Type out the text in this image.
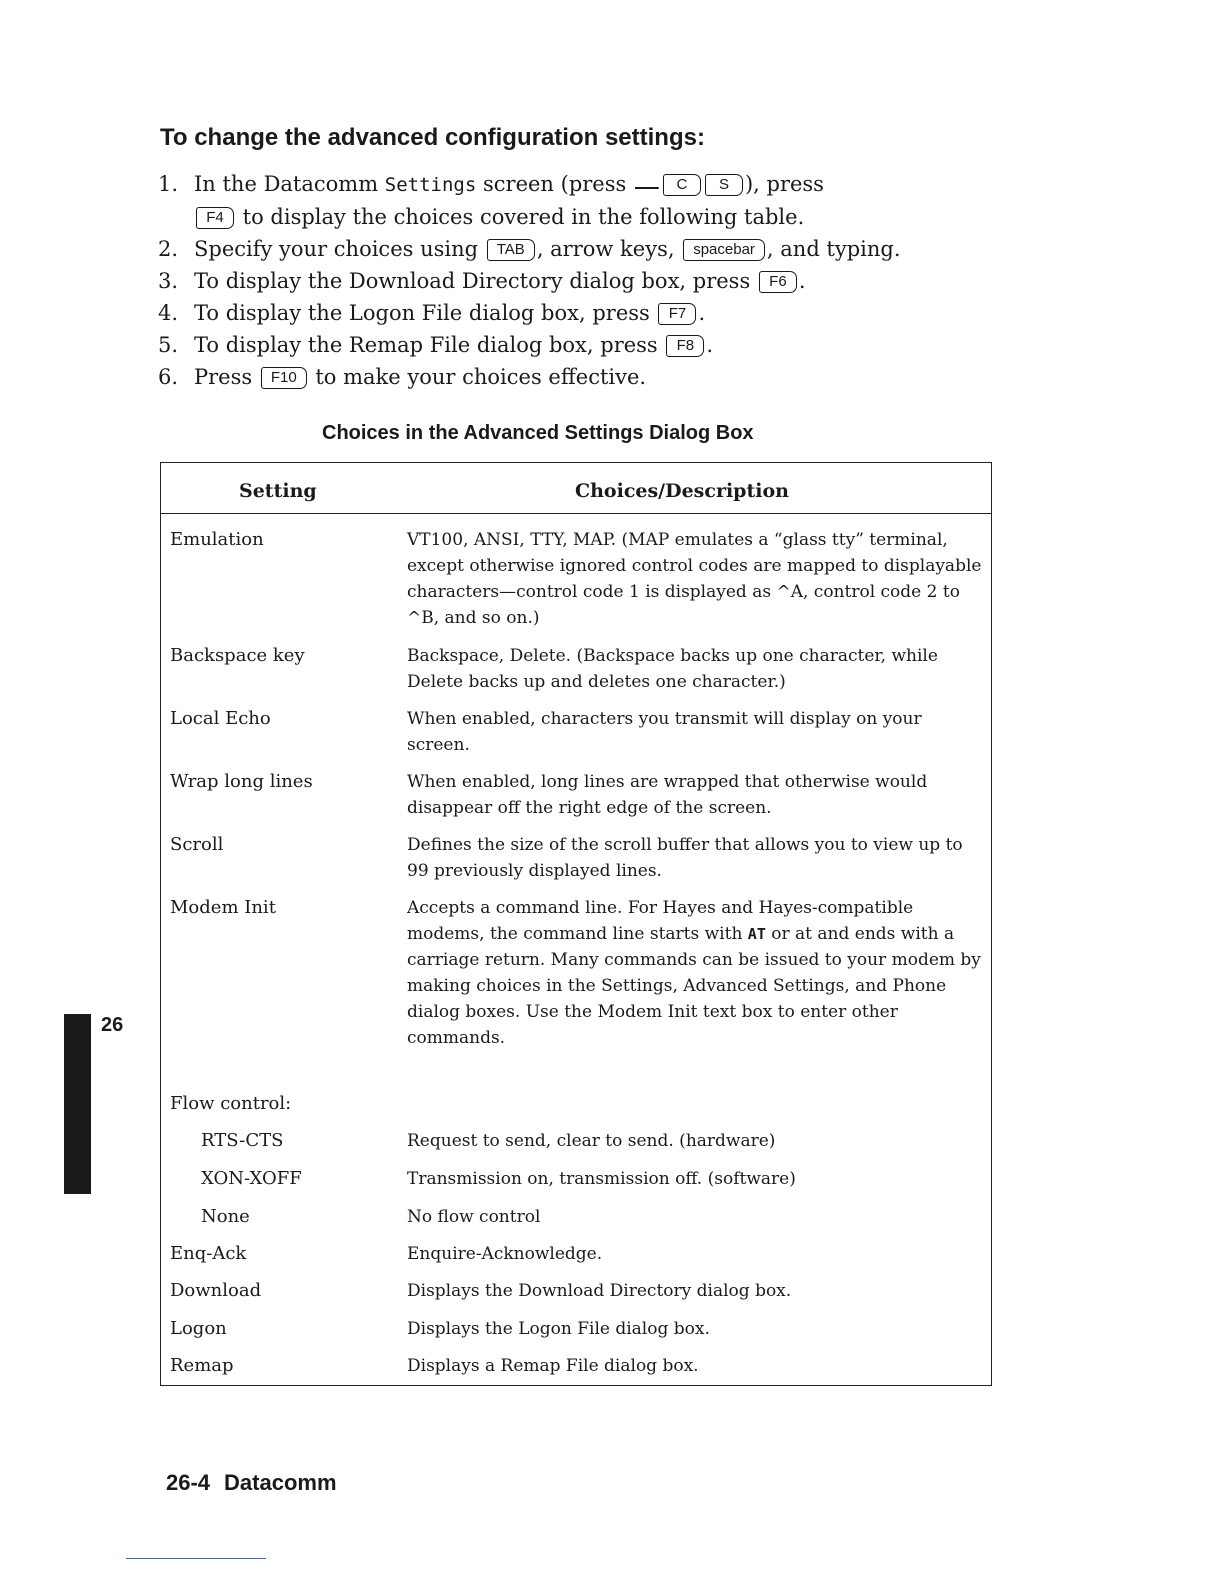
To change the advanced configuration settings:
1. In the Datacomm Settings screen (press	C S ), press
F4 to display the choices covered in the following table.
2. Specify your choices using TAB , arrow keys, spacebar , and typing.
3. To display the Download Directory dialog box, press F6 .
4. To display the Logon File dialog box, press F7 .
5. To display the Remap File dialog box, press F8 .
6. Press F10 to make your choices effective.
Choices in the Advanced Settings Dialog Box
Setting	Choices/Description
Emulation	VT100, ANSI, TTY, MAP. (MAP emulates a “glass tty” terminal, except otherwise ignored control codes are mapped to displayable characters—control code 1 is displayed as ^A, control code 2 to ^B, and so on.)
Backspace key	Backspace, Delete. (Backspace backs up one character, while Delete backs up and deletes one character.)
Local Echo	When enabled, characters you transmit will display on your screen.
Wrap long lines	When enabled, long lines are wrapped that otherwise would disappear off the right edge of the screen.
Scroll	Defines the size of the scroll buffer that allows you to view up to 99 previously displayed lines.
Modem Init	Accepts a command line. For Hayes and Hayes-compatible modems, the command line starts with AT or at and ends with a carriage return. Many commands can be issued to your modem by making choices in the Settings, Advanced Settings, and Phone dialog boxes. Use the Modem Init text box to enter other commands.
Flow control:
RTS-CTS	Request to send, clear to send. (hardware)
XON-XOFF	Transmission on, transmission off. (software)
None	No flow control
Enq-Ack	Enquire-Acknowledge.
Download	Displays the Download Directory dialog box.
Logon	Displays the Logon File dialog box.
Remap	Displays a Remap File dialog box.
26
26-4 Datacomm
